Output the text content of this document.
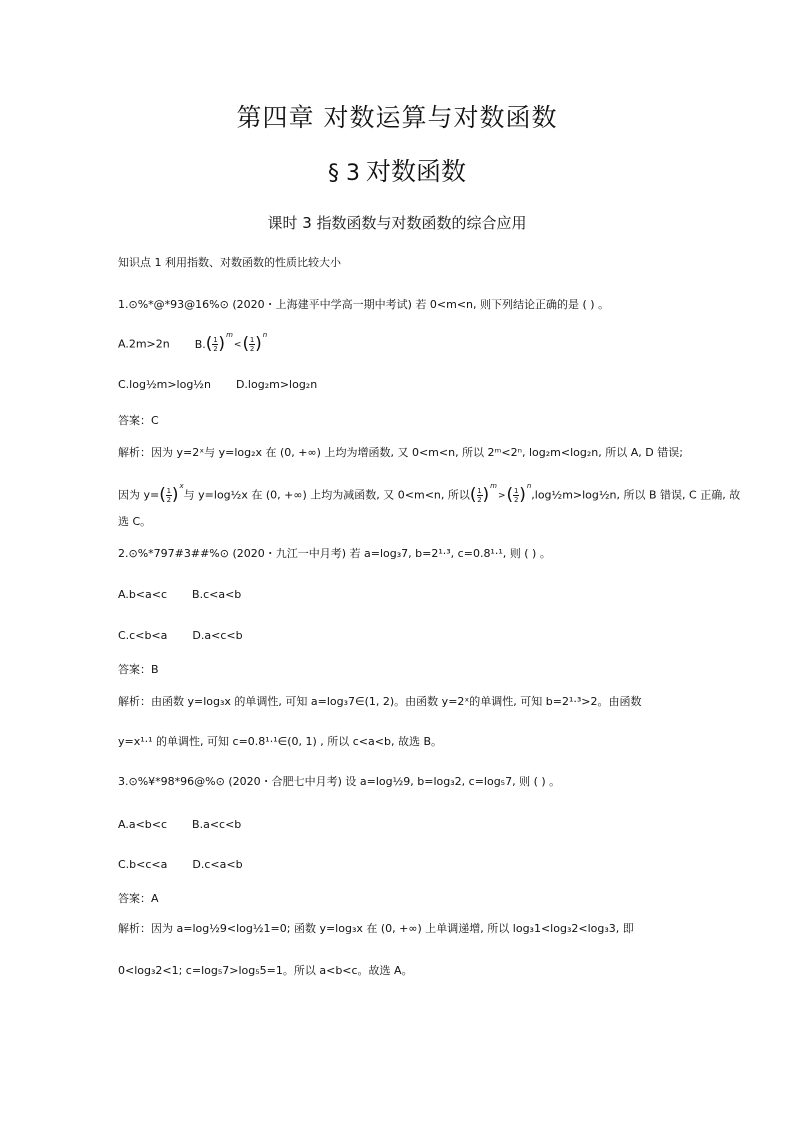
第四章 对数运算与对数函数
§ 3 对数函数
课时 3 指数函数与对数函数的综合应用
知识点 1 利用指数、对数函数的性质比较大小
1.⊙%*@*93@16%⊙ (2020・上海建平中学高一期中考试) 若 0<m<n, 则下列结论正确的是 ( ) 。
A.2m>2n B. ( 1
2 ) m
< ( 1
2 ) n
C.log½m>log½n D.log₂m>log₂n
答案：C
解析：因为 y=2ˣ与 y=log₂x 在 (0, +∞) 上均为增函数, 又 0<m<n, 所以 2ᵐ<2ⁿ, log₂m<log₂n, 所以 A, D 错误;
因为 y= ( 1
2 ) x
与 y=log½x 在 (0, +∞) 上均为减函数, 又 0<m<n, 所以 ( 1
2 ) m
> ( 1
2 ) n
,log½m>log½n, 所以 B 错误, C 正确, 故
选 C。
2.⊙%*797#3##%⊙ (2020・九江一中月考) 若 a=log₃7, b=2¹·³, c=0.8¹·¹, 则 ( ) 。
A.b<a<c B.c<a<b
C.c<b<a D.a<c<b
答案：B
解析：由函数 y=log₃x 的单调性, 可知 a=log₃7∈(1, 2)。由函数 y=2ˣ的单调性, 可知 b=2¹·³>2。由函数
y=x¹·¹ 的单调性, 可知 c=0.8¹·¹∈(0, 1) , 所以 c<a<b, 故选 B。
3.⊙%¥*98*96@%⊙ (2020・合肥七中月考) 设 a=log½9, b=log₃2, c=log₅7, 则 ( ) 。
A.a<b<c B.a<c<b
C.b<c<a D.c<a<b
答案：A
解析：因为 a=log½9<log½1=0; 函数 y=log₃x 在 (0, +∞) 上单调递增, 所以 log₃1<log₃2<log₃3, 即
0<log₃2<1; c=log₅7>log₅5=1。所以 a<b<c。故选 A。
